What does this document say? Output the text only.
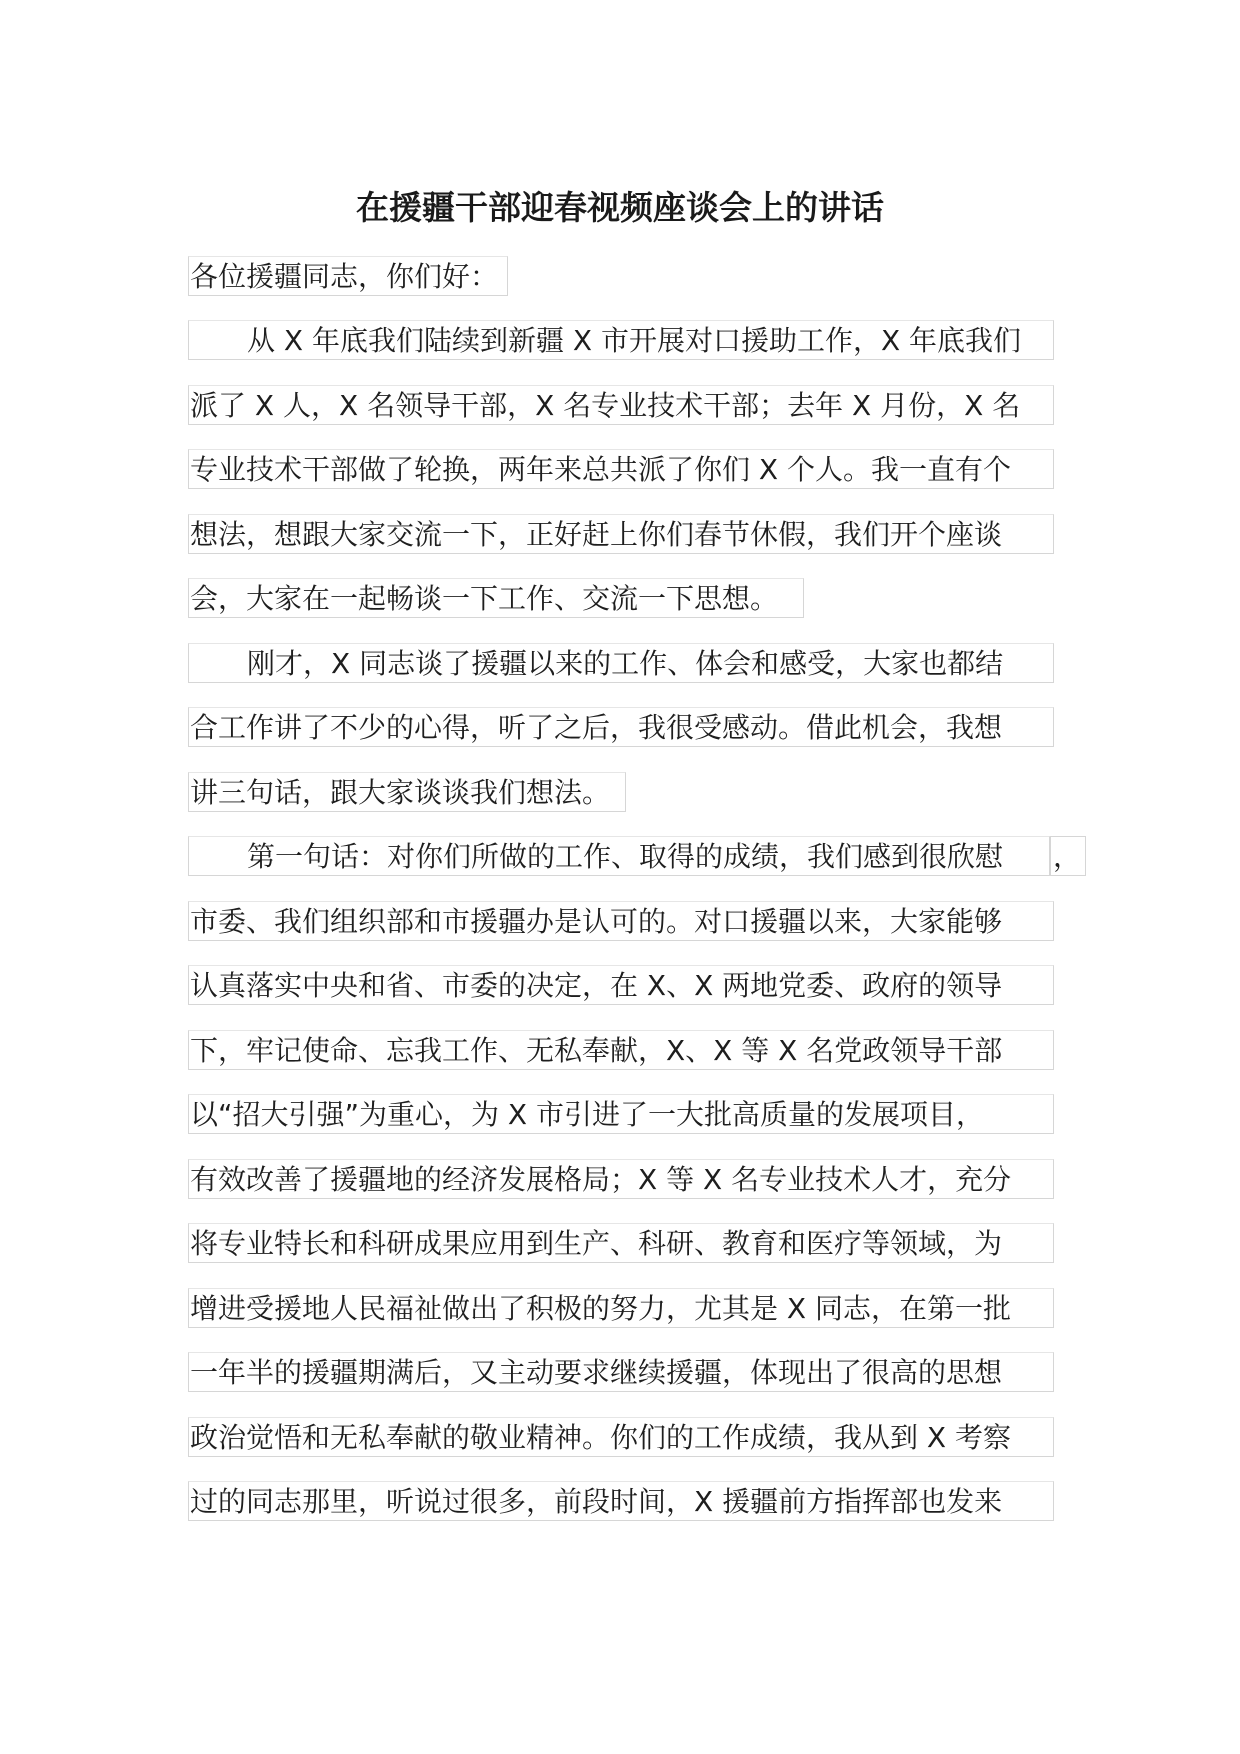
在援疆干部迎春视频座谈会上的讲话
各位援疆同志，你们好：
从 X 年底我们陆续到新疆 X 市开展对口援助工作，X 年底我们
派了 X 人，X 名领导干部，X 名专业技术干部；去年 X 月份，X 名
专业技术干部做了轮换，两年来总共派了你们 X 个人。我一直有个
想法，想跟大家交流一下，正好赶上你们春节休假，我们开个座谈
会，大家在一起畅谈一下工作、交流一下思想。
刚才，X 同志谈了援疆以来的工作、体会和感受，大家也都结
合工作讲了不少的心得，听了之后，我很受感动。借此机会，我想
讲三句话，跟大家谈谈我们想法。
第一句话：对你们所做的工作、取得的成绩，我们感到很欣慰	，
市委、我们组织部和市援疆办是认可的。对口援疆以来，大家能够
认真落实中央和省、市委的决定，在 X、X 两地党委、政府的领导
下，牢记使命、忘我工作、无私奉献，X、X 等 X 名党政领导干部
以“招大引强”为重心，为 X 市引进了一大批高质量的发展项目，
有效改善了援疆地的经济发展格局；X 等 X 名专业技术人才，充分
将专业特长和科研成果应用到生产、科研、教育和医疗等领域，为
增进受援地人民福祉做出了积极的努力，尤其是 X 同志，在第一批
一年半的援疆期满后，又主动要求继续援疆，体现出了很高的思想
政治觉悟和无私奉献的敬业精神。你们的工作成绩，我从到 X 考察
过的同志那里，听说过很多，前段时间，X 援疆前方指挥部也发来
